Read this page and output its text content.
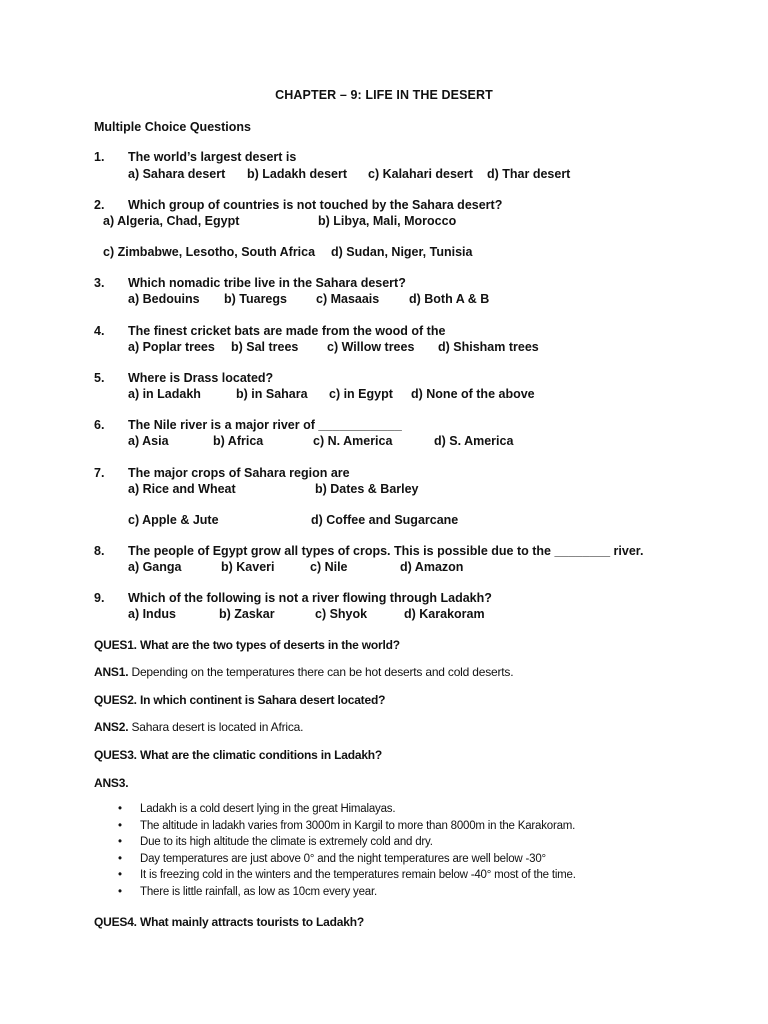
CHAPTER – 9: LIFE IN THE DESERT
Multiple Choice Questions
1.	The world’s largest desert is
a) Sahara desert b) Ladakh desert c) Kalahari desert d) Thar desert
2.	Which group of countries is not touched by the Sahara desert?
a) Algeria, Chad, Egypt	b) Libya, Mali, Morocco
c) Zimbabwe, Lesotho, South Africa d) Sudan, Niger, Tunisia
3.	Which nomadic tribe live in the Sahara desert?
a) Bedouins b) Tuaregs c) Masaais d) Both A & B
4.	The finest cricket bats are made from the wood of the
a) Poplar trees b) Sal trees c) Willow trees d) Shisham trees
5.	Where is Drass located?
a) in Ladakh	b) in Sahara c) in Egypt d) None of the above
6.	The Nile river is a major river of ____________
a) Asia	b) Africa	c) N. America	d) S. America
7.	The major crops of Sahara region are
a) Rice and Wheat	b) Dates & Barley
c) Apple & Jute	d) Coffee and Sugarcane
8.	The people of Egypt grow all types of crops. This is possible due to the ________ river.
a) Ganga	b) Kaveri	c) Nile	d) Amazon
9.	Which of the following is not a river flowing through Ladakh?
a) Indus	b) Zaskar	c) Shyok	d) Karakoram
QUES1. What are the two types of deserts in the world?
ANS1. Depending on the temperatures there can be hot deserts and cold deserts.
QUES2. In which continent is Sahara desert located?
ANS2. Sahara desert is located in Africa.
QUES3. What are the climatic conditions in Ladakh?
ANS3.
• Ladakh is a cold desert lying in the great Himalayas.
• The altitude in ladakh varies from 3000m in Kargil to more than 8000m in the Karakoram.
• Due to its high altitude the climate is extremely cold and dry.
• Day temperatures are just above 0° and the night temperatures are well below -30°
• It is freezing cold in the winters and the temperatures remain below -40° most of the time.
• There is little rainfall, as low as 10cm every year.
QUES4. What mainly attracts tourists to Ladakh?
